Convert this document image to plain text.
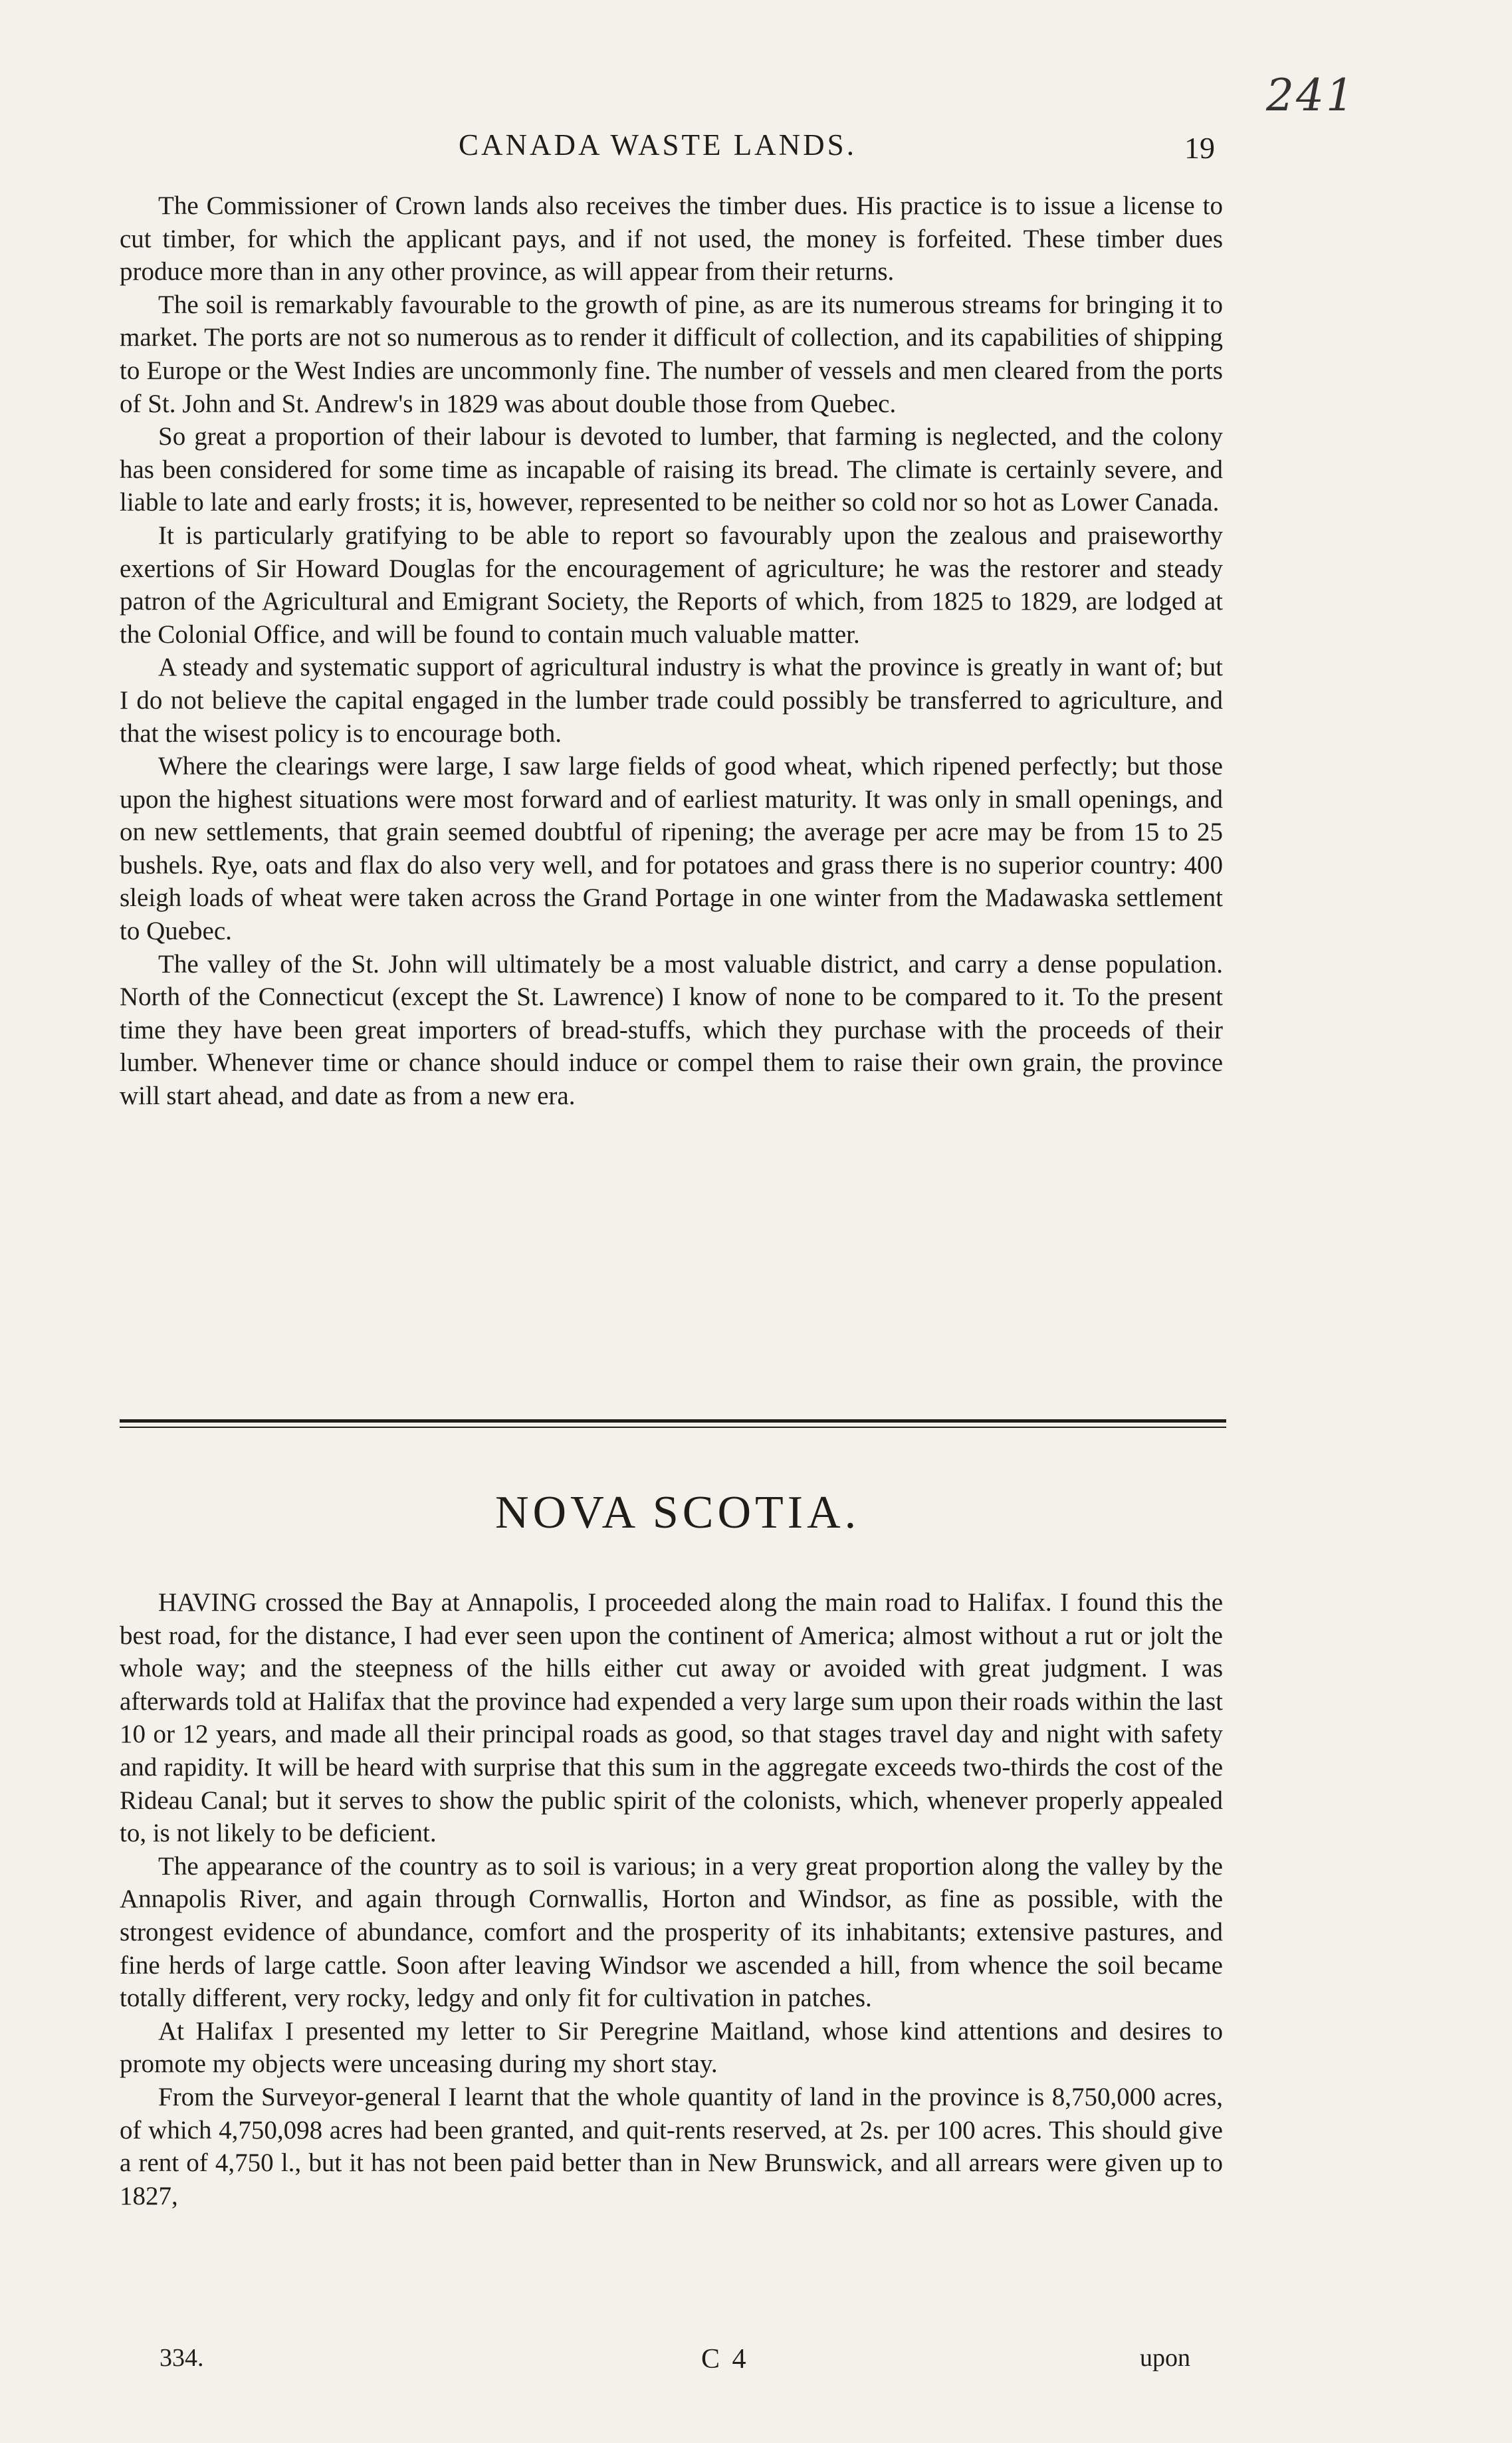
241
CANADA WASTE LANDS.	19

The Commissioner of Crown lands also receives the timber dues. His practice is to issue a license to cut timber, for which the applicant pays, and if not used, the money is forfeited. These timber dues produce more than in any other province, as will appear from their returns.

The soil is remarkably favourable to the growth of pine, as are its numerous streams for bringing it to market. The ports are not so numerous as to render it difficult of collection, and its capabilities of shipping to Europe or the West Indies are uncommonly fine. The number of vessels and men cleared from the ports of St. John and St. Andrew's in 1829 was about double those from Quebec.

So great a proportion of their labour is devoted to lumber, that farming is neglected, and the colony has been considered for some time as incapable of raising its bread. The climate is certainly severe, and liable to late and early frosts; it is, however, represented to be neither so cold nor so hot as Lower Canada.

It is particularly gratifying to be able to report so favourably upon the zealous and praiseworthy exertions of Sir Howard Douglas for the encouragement of agriculture; he was the restorer and steady patron of the Agricultural and Emigrant Society, the Reports of which, from 1825 to 1829, are lodged at the Colonial Office, and will be found to contain much valuable matter.

A steady and systematic support of agricultural industry is what the province is greatly in want of; but I do not believe the capital engaged in the lumber trade could possibly be transferred to agriculture, and that the wisest policy is to encourage both.

Where the clearings were large, I saw large fields of good wheat, which ripened perfectly; but those upon the highest situations were most forward and of earliest maturity. It was only in small openings, and on new settlements, that grain seemed doubtful of ripening; the average per acre may be from 15 to 25 bushels. Rye, oats and flax do also very well, and for potatoes and grass there is no superior country: 400 sleigh loads of wheat were taken across the Grand Portage in one winter from the Madawaska settlement to Quebec.

The valley of the St. John will ultimately be a most valuable district, and carry a dense population. North of the Connecticut (except the St. Lawrence) I know of none to be compared to it. To the present time they have been great importers of bread-stuffs, which they purchase with the proceeds of their lumber. Whenever time or chance should induce or compel them to raise their own grain, the province will start ahead, and date as from a new era.

NOVA SCOTIA.

HAVING crossed the Bay at Annapolis, I proceeded along the main road to Halifax. I found this the best road, for the distance, I had ever seen upon the continent of America; almost without a rut or jolt the whole way; and the steepness of the hills either cut away or avoided with great judgment. I was afterwards told at Halifax that the province had expended a very large sum upon their roads within the last 10 or 12 years, and made all their principal roads as good, so that stages travel day and night with safety and rapidity. It will be heard with surprise that this sum in the aggregate exceeds two-thirds the cost of the Rideau Canal; but it serves to show the public spirit of the colonists, which, whenever properly appealed to, is not likely to be deficient.

The appearance of the country as to soil is various; in a very great proportion along the valley by the Annapolis River, and again through Cornwallis, Horton and Windsor, as fine as possible, with the strongest evidence of abundance, comfort and the prosperity of its inhabitants; extensive pastures, and fine herds of large cattle. Soon after leaving Windsor we ascended a hill, from whence the soil became totally different, very rocky, ledgy and only fit for cultivation in patches.

At Halifax I presented my letter to Sir Peregrine Maitland, whose kind attentions and desires to promote my objects were unceasing during my short stay.

From the Surveyor-general I learnt that the whole quantity of land in the province is 8,750,000 acres, of which 4,750,098 acres had been granted, and quit-rents reserved, at 2s. per 100 acres. This should give a rent of 4,750 l., but it has not been paid better than in New Brunswick, and all arrears were given up to 1827,

334.	C 4	upon
